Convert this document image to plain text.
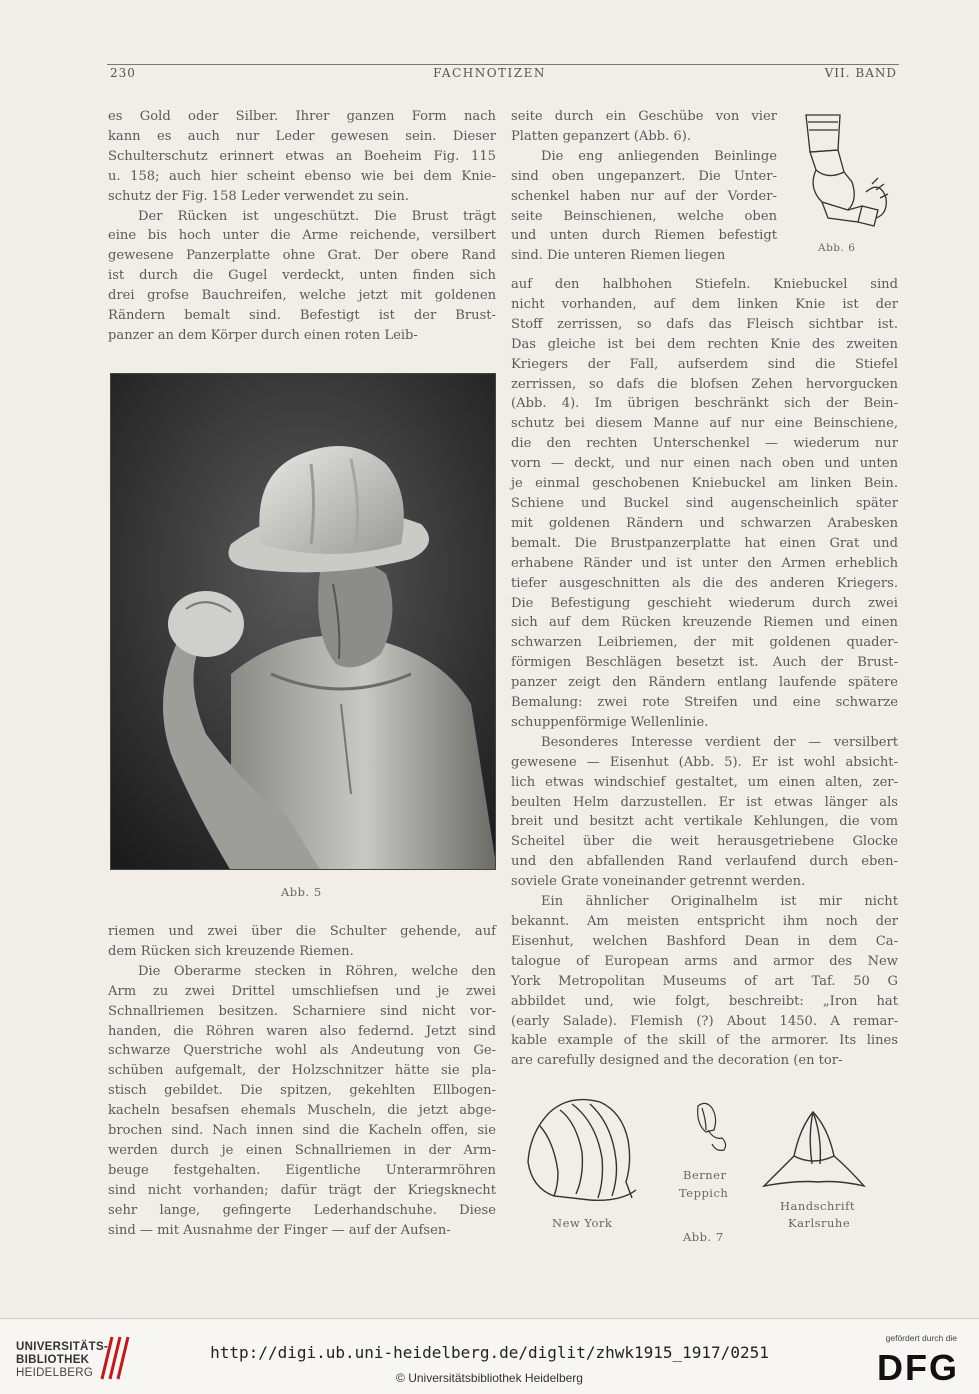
230	FACHNOTIZEN	VII. BAND

es Gold oder Silber. Ihrer ganzen Form nach
kann es auch nur Leder gewesen sein. Dieser
Schulterschutz erinnert etwas an Boeheim Fig. 115
u. 158; auch hier scheint ebenso wie bei dem Knie-
schutz der Fig. 158 Leder verwendet zu sein.

Der Rücken ist ungeschützt. Die Brust trägt
eine bis hoch unter die Arme reichende, versilbert
gewesene Panzerplatte ohne Grat. Der obere Rand
ist durch die Gugel verdeckt, unten finden sich
drei grofse Bauchreifen, welche jetzt mit goldenen
Rändern bemalt sind. Befestigt ist der Brust-
panzer an dem Körper durch einen roten Leib-

Abb. 5

riemen und zwei über die Schulter gehende, auf
dem Rücken sich kreuzende Riemen.

Die Oberarme stecken in Röhren, welche den
Arm zu zwei Drittel umschliefsen und je zwei
Schnallriemen besitzen. Scharniere sind nicht vor-
handen, die Röhren waren also federnd. Jetzt sind
schwarze Querstriche wohl als Andeutung von Ge-
schüben aufgemalt, der Holzschnitzer hätte sie pla-
stisch gebildet. Die spitzen, gekehlten Ellbogen-
kacheln besafsen ehemals Muscheln, die jetzt abge-
brochen sind. Nach innen sind die Kacheln offen, sie
werden durch je einen Schnallriemen in der Arm-
beuge festgehalten. Eigentliche Unterarmröhren
sind nicht vorhanden; dafür trägt der Kriegsknecht
sehr lange, gefingerte Lederhandschuhe. Diese
sind — mit Ausnahme der Finger — auf der Aufsen-

seite durch ein Geschübe von vier
Platten gepanzert (Abb. 6).

Die eng anliegenden Beinlinge
sind oben ungepanzert. Die Unter-
schenkel haben nur auf der Vorder-
seite Beinschienen, welche oben
und unten durch Riemen befestigt
sind. Die unteren Riemen liegen

Abb. 6

auf den halbhohen Stiefeln. Kniebuckel sind
nicht vorhanden, auf dem linken Knie ist der
Stoff zerrissen, so dafs das Fleisch sichtbar ist.
Das gleiche ist bei dem rechten Knie des zweiten
Kriegers der Fall, aufserdem sind die Stiefel
zerrissen, so dafs die blofsen Zehen hervorgucken
(Abb. 4). Im übrigen beschränkt sich der Bein-
schutz bei diesem Manne auf nur eine Beinschiene,
die den rechten Unterschenkel — wiederum nur
vorn — deckt, und nur einen nach oben und unten
je einmal geschobenen Kniebuckel am linken Bein.
Schiene und Buckel sind augenscheinlich später
mit goldenen Rändern und schwarzen Arabesken
bemalt. Die Brustpanzerplatte hat einen Grat und
erhabene Ränder und ist unter den Armen erheblich
tiefer ausgeschnitten als die des anderen Kriegers.
Die Befestigung geschieht wiederum durch zwei
sich auf dem Rücken kreuzende Riemen und einen
schwarzen Leibriemen, der mit goldenen quader-
förmigen Beschlägen besetzt ist. Auch der Brust-
panzer zeigt den Rändern entlang laufende spätere
Bemalung: zwei rote Streifen und eine schwarze
schuppenförmige Wellenlinie.

Besonderes Interesse verdient der — versilbert
gewesene — Eisenhut (Abb. 5). Er ist wohl absicht-
lich etwas windschief gestaltet, um einen alten, zer-
beulten Helm darzustellen. Er ist etwas länger als
breit und besitzt acht vertikale Kehlungen, die vom
Scheitel über die weit herausgetriebene Glocke
und den abfallenden Rand verlaufend durch eben-
soviele Grate voneinander getrennt werden.

Ein ähnlicher Originalhelm ist mir nicht
bekannt. Am meisten entspricht ihm noch der
Eisenhut, welchen Bashford Dean in dem Ca-
talogue of European arms and armor des New
York Metropolitan Museums of art Taf. 50 G
abbildet und, wie folgt, beschreibt: „Iron hat
(early Salade). Flemish (?) About 1450. A remar-
kable example of the skill of the armorer. Its lines
are carefully designed and the decoration (en tor-

New York
Berner
Teppich
Abb. 7
Handschrift
Karlsruhe
UNIVERSITÄTS-
BIBLIOTHEK
HEIDELBERG
http://digi.ub.uni-heidelberg.de/diglit/zhwk1915_1917/0251
© Universitätsbibliothek Heidelberg
gefördert durch die
DFG
